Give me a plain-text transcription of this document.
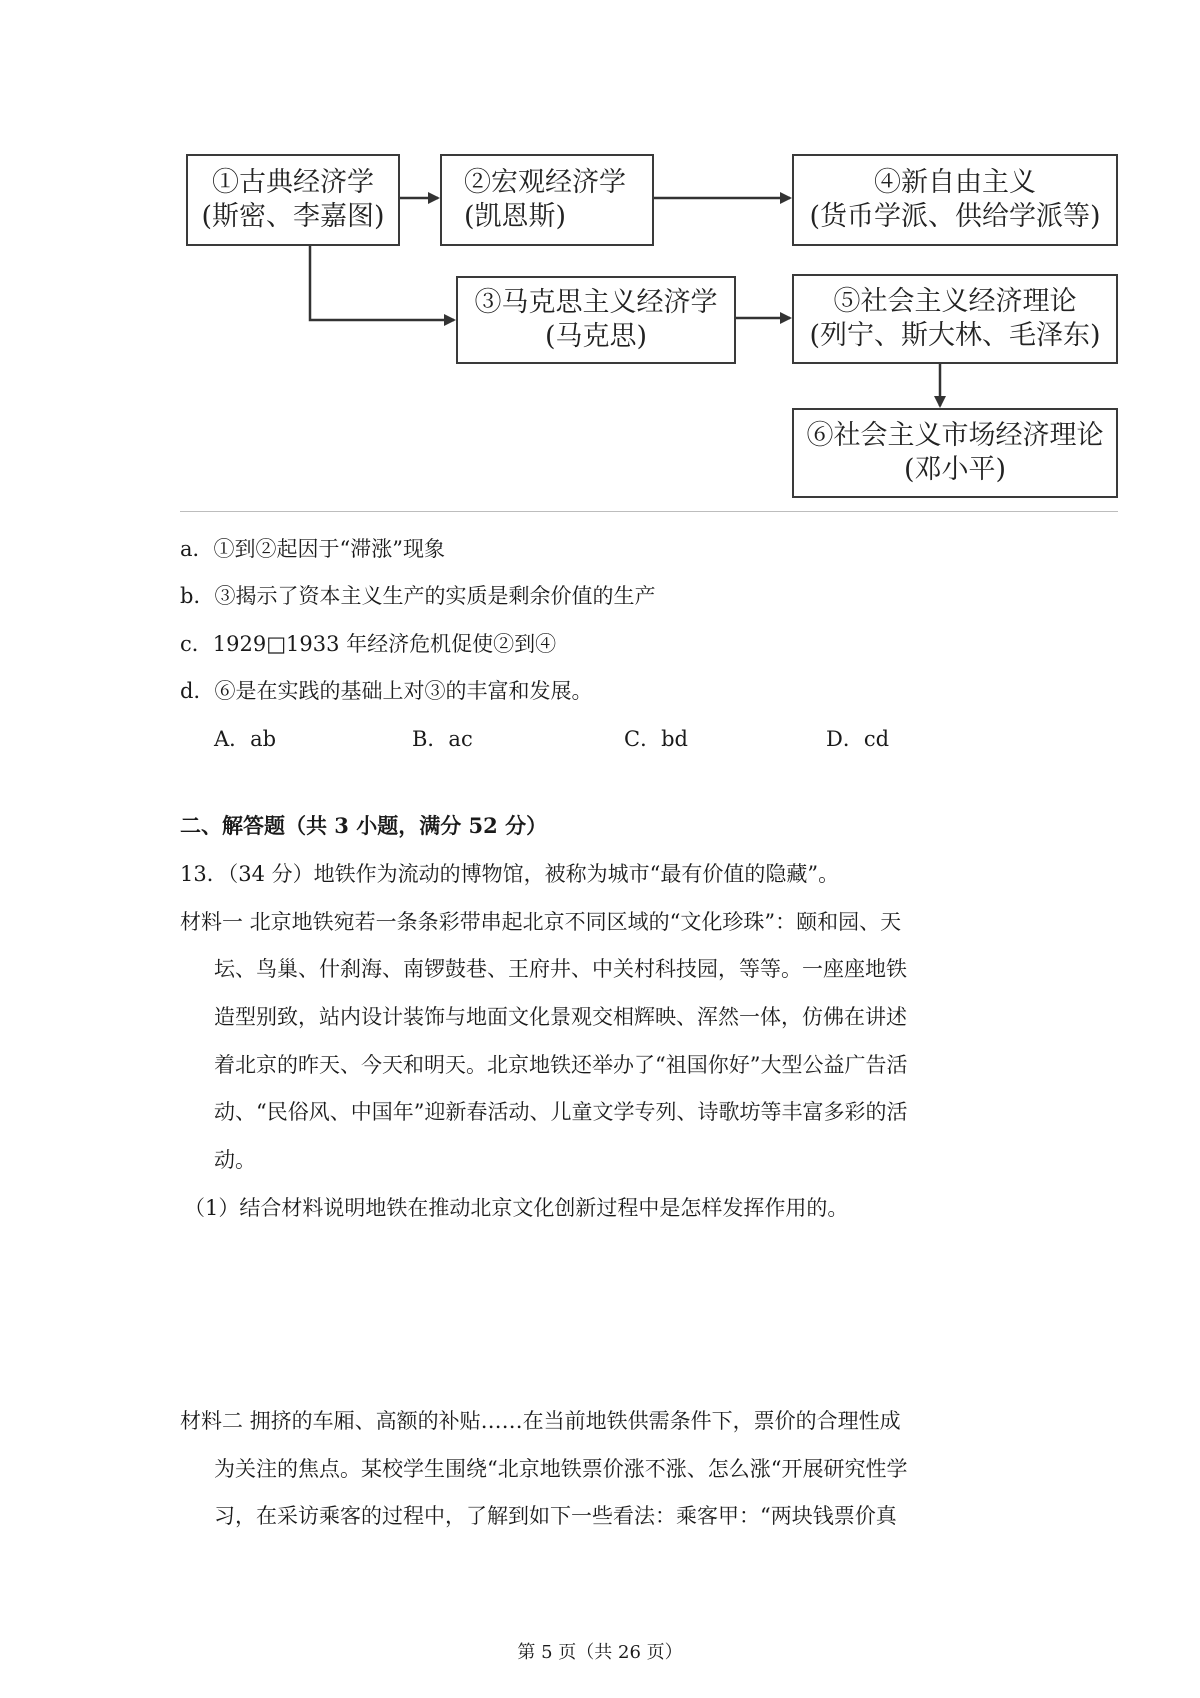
①古典经济学
(斯密、李嘉图)
②宏观经济学
(凯恩斯)
④新自由主义
(货币学派、供给学派等)
③马克思主义经济学
(马克思)
⑤社会主义经济理论
(列宁、斯大林、毛泽东)
⑥社会主义市场经济理论
(邓小平)
a．①到②起因于“滞涨”现象
b．③揭示了资本主义生产的实质是剩余价值的生产
c．1929□1933 年经济危机促使②到④
d．⑥是在实践的基础上对③的丰富和发展。
A．ab	B．ac	C．bd	D．cd
二、解答题（共 3 小题，满分 52 分）
13．（34 分）地铁作为流动的博物馆，被称为城市“最有价值的隐藏”。
材料一 北京地铁宛若一条条彩带串起北京不同区域的“文化珍珠”：颐和园、天
坛、鸟巢、什刹海、南锣鼓巷、王府井、中关村科技园，等等。一座座地铁
造型别致，站内设计装饰与地面文化景观交相辉映、浑然一体，仿佛在讲述
着北京的昨天、今天和明天。北京地铁还举办了“祖国你好”大型公益广告活
动、“民俗风、中国年”迎新春活动、儿童文学专列、诗歌坊等丰富多彩的活
动。
（1）结合材料说明地铁在推动北京文化创新过程中是怎样发挥作用的。
材料二 拥挤的车厢、高额的补贴……在当前地铁供需条件下，票价的合理性成
为关注的焦点。某校学生围绕“北京地铁票价涨不涨、怎么涨“开展研究性学
习，在采访乘客的过程中，了解到如下一些看法：乘客甲：“两块钱票价真
第 5 页（共 26 页）
